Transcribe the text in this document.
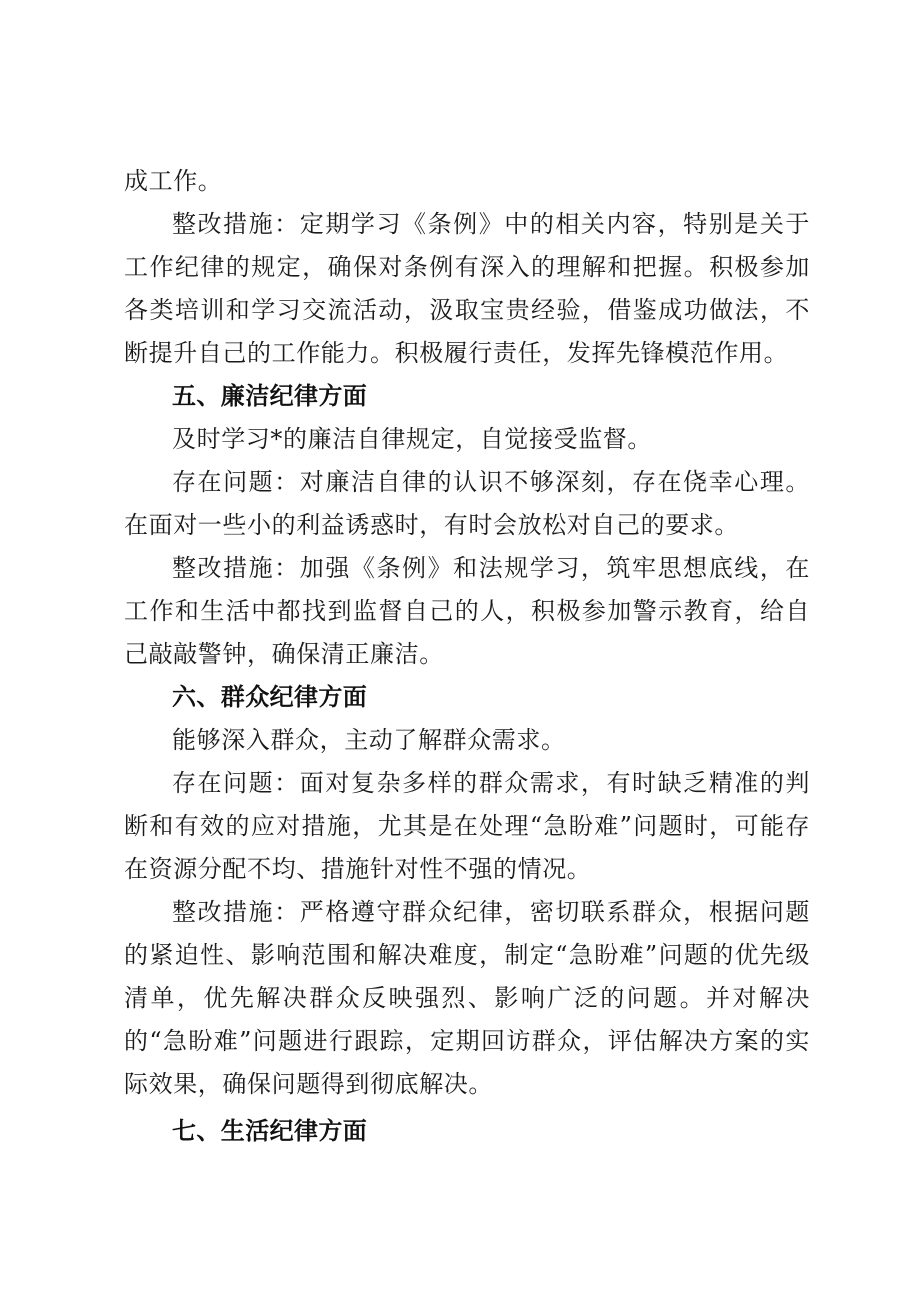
成工作。

整改措施：定期学习《条例》中的相关内容，特别是关于工作纪律的规定，确保对条例有深入的理解和把握。积极参加各类培训和学习交流活动，汲取宝贵经验，借鉴成功做法，不断提升自己的工作能力。积极履行责任，发挥先锋模范作用。

五、廉洁纪律方面

及时学习*的廉洁自律规定，自觉接受监督。

存在问题：对廉洁自律的认识不够深刻，存在侥幸心理。在面对一些小的利益诱惑时，有时会放松对自己的要求。

整改措施：加强《条例》和法规学习，筑牢思想底线，在工作和生活中都找到监督自己的人，积极参加警示教育，给自己敲敲警钟，确保清正廉洁。

六、群众纪律方面

能够深入群众，主动了解群众需求。

存在问题：面对复杂多样的群众需求，有时缺乏精准的判断和有效的应对措施，尤其是在处理“急盼难”问题时，可能存在资源分配不均、措施针对性不强的情况。

整改措施：严格遵守群众纪律，密切联系群众，根据问题的紧迫性、影响范围和解决难度，制定“急盼难”问题的优先级清单，优先解决群众反映强烈、影响广泛的问题。并对解决的“急盼难”问题进行跟踪，定期回访群众，评估解决方案的实际效果，确保问题得到彻底解决。

七、生活纪律方面
